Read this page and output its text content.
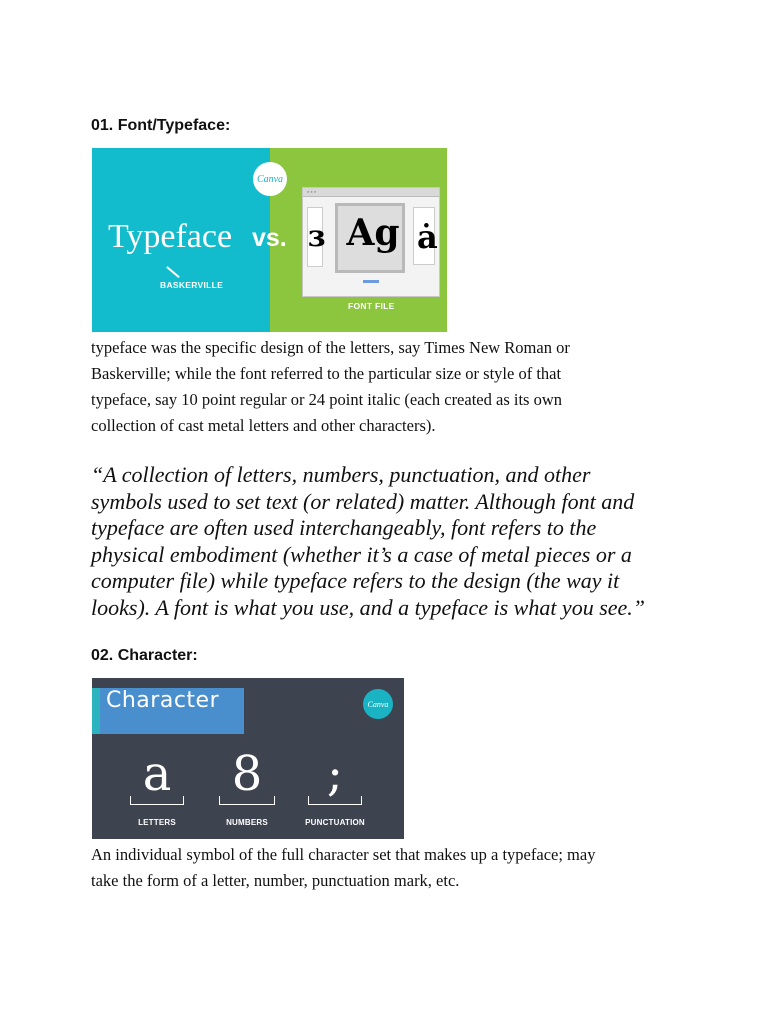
01. Font/Typeface:
Typeface
BASKERVILLE
vs.
Canva
● ● ●
ɜ Ag ȧ
FONT FILE
typeface was the specific design of the letters, say Times New Roman or
Baskerville; while the font referred to the particular size or style of that
typeface, say 10 point regular or 24 point italic (each created as its own
collection of cast metal letters and other characters).
“A collection of letters, numbers, punctuation, and other
symbols used to set text (or related) matter. Although font and
typeface are often used interchangeably, font refers to the
physical embodiment (whether it’s a case of metal pieces or a
computer file) while typeface refers to the design (the way it
looks). A font is what you use, and a typeface is what you see.”
02. Character:
Character	Canva
a
LETTERS
8
NUMBERS
;
PUNCTUATION
An individual symbol of the full character set that makes up a typeface; may
take the form of a letter, number, punctuation mark, etc.
